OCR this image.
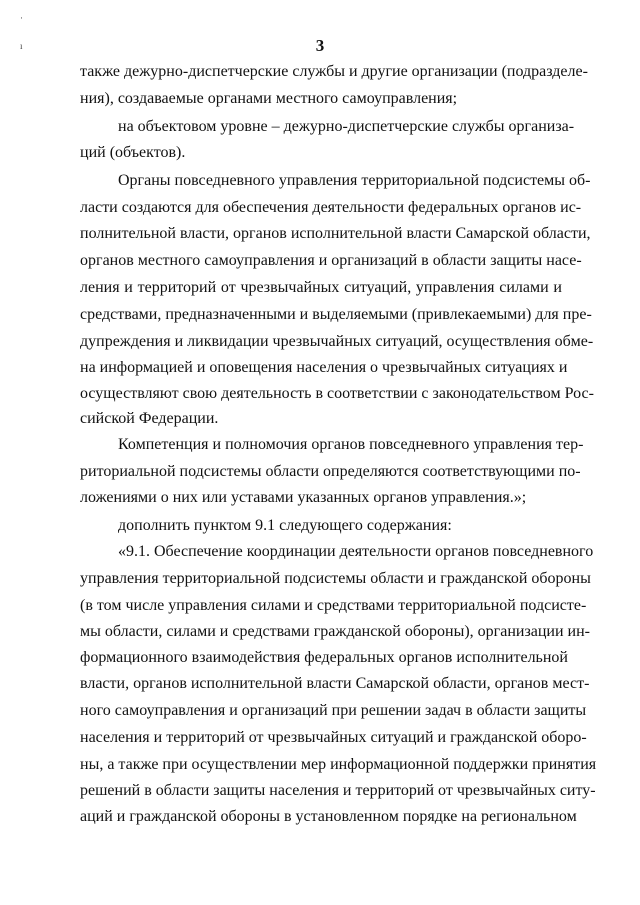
·
ı	3
также дежурно-диспетчерские службы и другие организации (подразделе-
ния), создаваемые органами местного самоуправления;
на объектовом уровне – дежурно-диспетчерские службы организа-
ций (объектов).
Органы повседневного управления территориальной подсистемы об-
ласти создаются для обеспечения деятельности федеральных органов ис-
полнительной власти, органов исполнительной власти Самарской области,
органов местного самоуправления и организаций в области защиты насе-
ления и территорий от чрезвычайных ситуаций, управления силами и
средствами, предназначенными и выделяемыми (привлекаемыми) для пре-
дупреждения и ликвидации чрезвычайных ситуаций, осуществления обме-
на информацией и оповещения населения о чрезвычайных ситуациях и
осуществляют свою деятельность в соответствии с законодательством Рос-
сийской Федерации.
Компетенция и полномочия органов повседневного управления тер-
риториальной подсистемы области определяются соответствующими по-
ложениями о них или уставами указанных органов управления.»;
дополнить пунктом 9.1 следующего содержания:
«9.1. Обеспечение координации деятельности органов повседневного
управления территориальной подсистемы области и гражданской обороны
(в том числе управления силами и средствами территориальной подсисте-
мы области, силами и средствами гражданской обороны), организации ин-
формационного взаимодействия федеральных органов исполнительной
власти, органов исполнительной власти Самарской области, органов мест-
ного самоуправления и организаций при решении задач в области защиты
населения и территорий от чрезвычайных ситуаций и гражданской оборо-
ны, а также при осуществлении мер информационной поддержки принятия
решений в области защиты населения и территорий от чрезвычайных ситу-
аций и гражданской обороны в установленном порядке на региональном
